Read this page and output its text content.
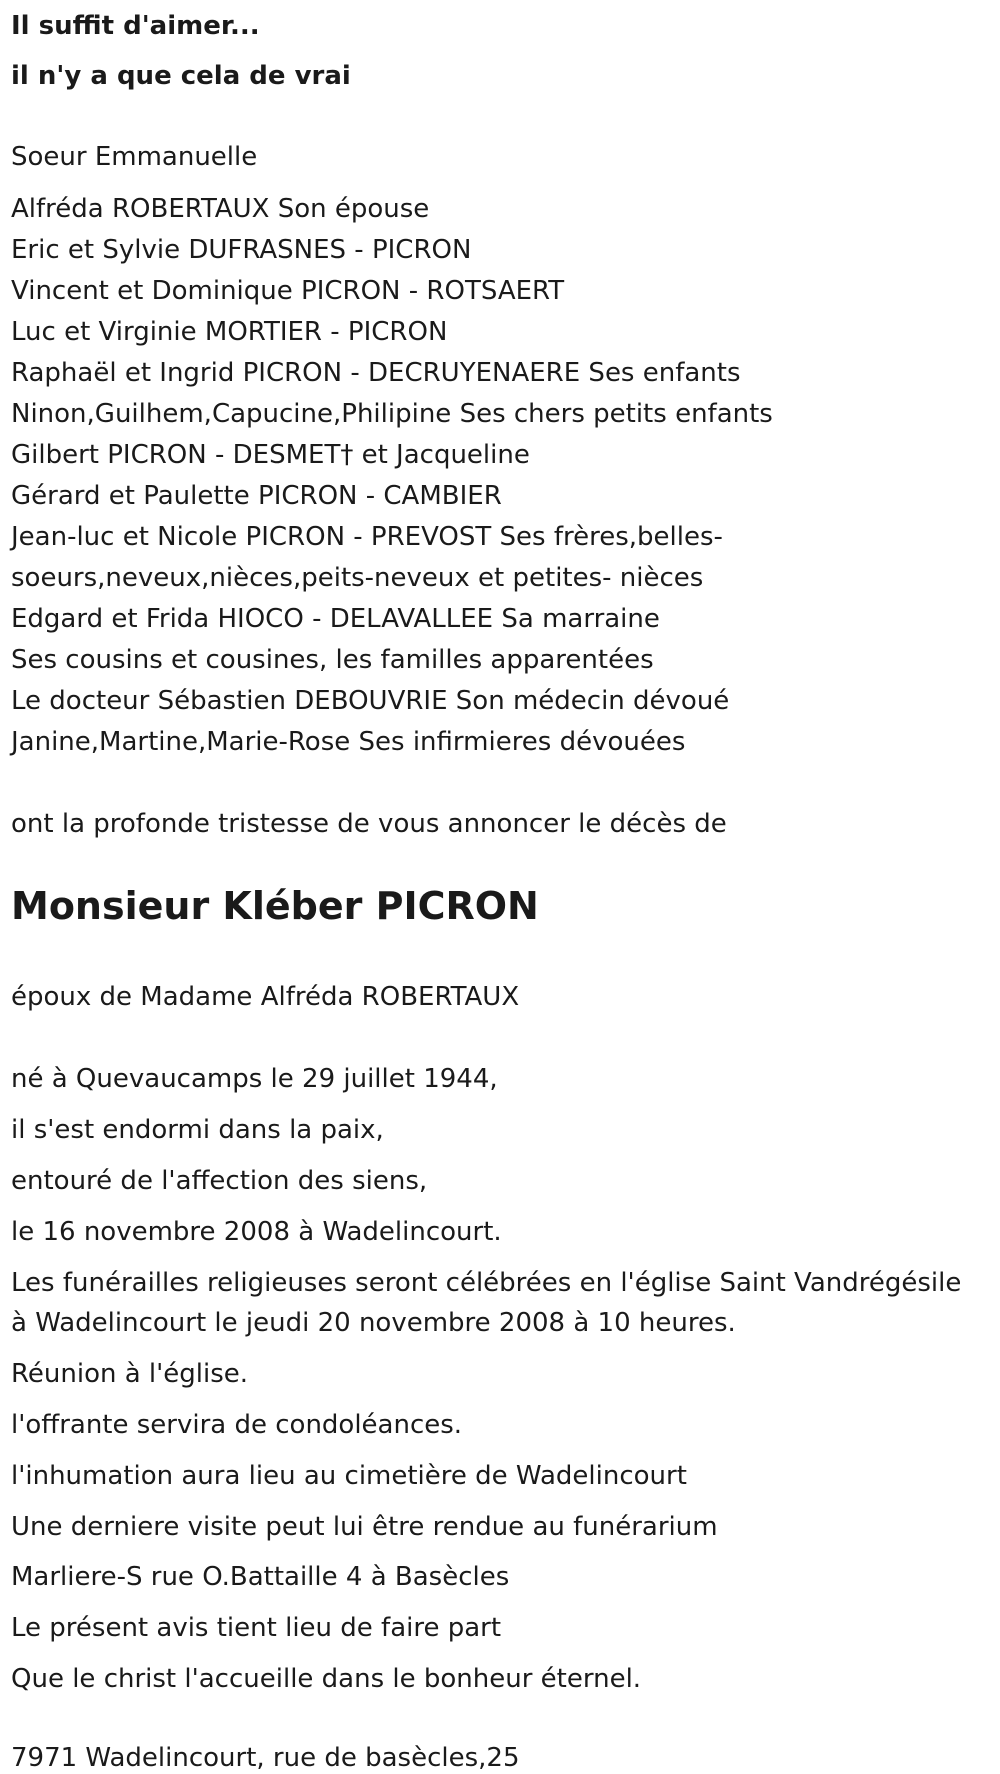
Il suffit d'aimer...
il n'y a que cela de vrai
Soeur Emmanuelle
Alfréda ROBERTAUX Son épouse
Eric et Sylvie DUFRASNES - PICRON
Vincent et Dominique PICRON - ROTSAERT
Luc et Virginie MORTIER - PICRON
Raphaël et Ingrid PICRON - DECRUYENAERE Ses enfants
Ninon,Guilhem,Capucine,Philipine Ses chers petits enfants
Gilbert PICRON - DESMET† et Jacqueline
Gérard et Paulette PICRON - CAMBIER
Jean-luc et Nicole PICRON - PREVOST Ses frères,belles-
soeurs,neveux,nièces,peits-neveux et petites- nièces
Edgard et Frida HIOCO - DELAVALLEE Sa marraine
Ses cousins et cousines, les familles apparentées
Le docteur Sébastien DEBOUVRIE Son médecin dévoué
Janine,Martine,Marie-Rose Ses infirmieres dévouées
ont la profonde tristesse de vous annoncer le décès de
Monsieur Kléber PICRON
époux de Madame Alfréda ROBERTAUX
né à Quevaucamps le 29 juillet 1944,
il s'est endormi dans la paix,
entouré de l'affection des siens,
le 16 novembre 2008 à Wadelincourt.
Les funérailles religieuses seront célébrées en l'église Saint Vandrégésile
à Wadelincourt le jeudi 20 novembre 2008 à 10 heures.
Réunion à l'église.
l'offrante servira de condoléances.
l'inhumation aura lieu au cimetière de Wadelincourt
Une derniere visite peut lui être rendue au funérarium
Marliere-S rue O.Battaille 4 à Basècles
Le présent avis tient lieu de faire part
Que le christ l'accueille dans le bonheur éternel.
7971 Wadelincourt, rue de basècles,25
